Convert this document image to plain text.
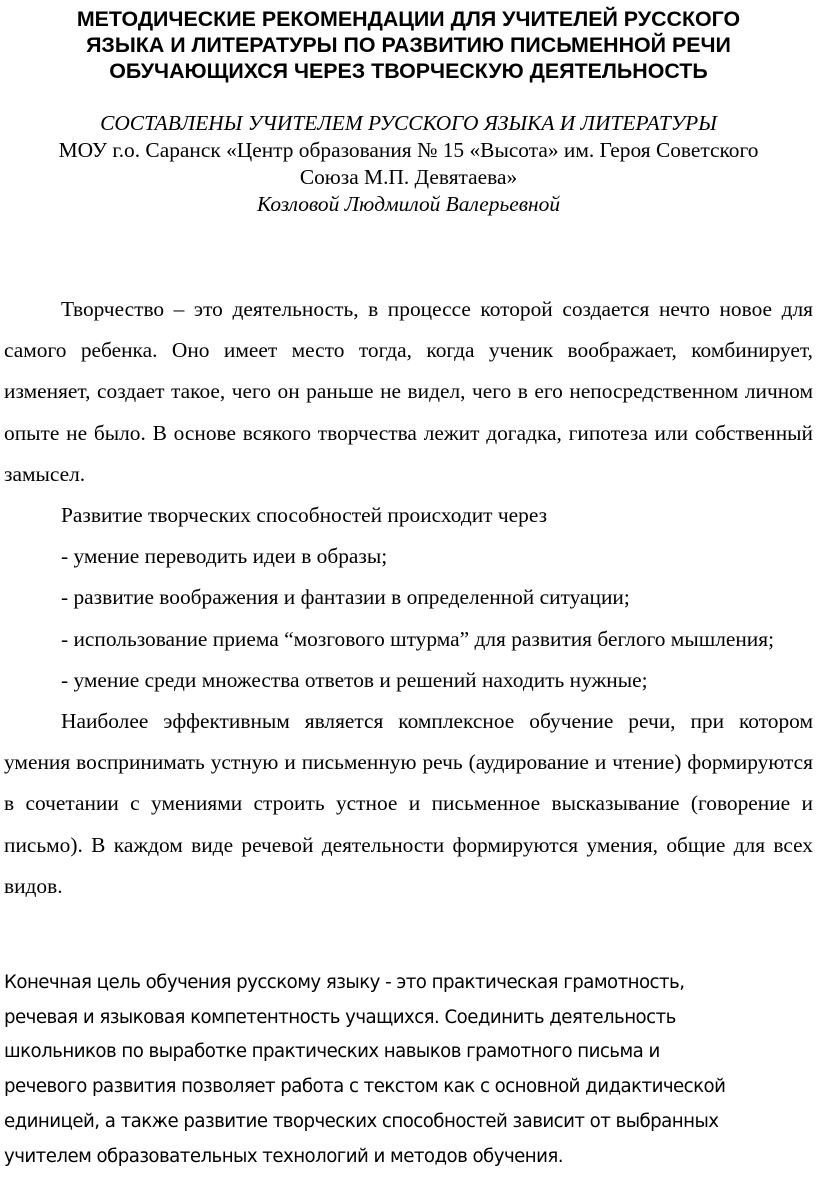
МЕТОДИЧЕСКИЕ РЕКОМЕНДАЦИИ ДЛЯ УЧИТЕЛЕЙ РУССКОГО
ЯЗЫКА И ЛИТЕРАТУРЫ ПО РАЗВИТИЮ ПИСЬМЕННОЙ РЕЧИ
ОБУЧАЮЩИХСЯ ЧЕРЕЗ ТВОРЧЕСКУЮ ДЕЯТЕЛЬНОСТЬ
СОСТАВЛЕНЫ УЧИТЕЛЕМ РУССКОГО ЯЗЫКА И ЛИТЕРАТУРЫ
МОУ г.о. Саранск «Центр образования № 15 «Высота» им. Героя Советского
Союза М.П. Девятаева»
Козловой Людмилой Валерьевной

Творчество – это деятельность, в процессе которой создается нечто новое для самого ребенка. Оно имеет место тогда, когда ученик воображает, комбинирует, изменяет, создает такое, чего он раньше не видел, чего в его непосредственном личном опыте не было. В основе всякого творчества лежит догадка, гипотеза или собственный замысел.

Развитие творческих способностей происходит через

- умение переводить идеи в образы;

- развитие воображения и фантазии в определенной ситуации;

- использование приема “мозгового штурма” для развития беглого мышления;

- умение среди множества ответов и решений находить нужные;

Наиболее эффективным является комплексное обучение речи, при котором умения воспринимать устную и письменную речь (аудирование и чтение) формируются в сочетании с умениями строить устное и письменное высказывание (говорение и письмо). В каждом виде речевой деятельности формируются умения, общие для всех видов.

Конечная цель обучения русскому языку - это практическая грамотность,
речевая и языковая компетентность учащихся. Соединить деятельность
школьников по выработке практических навыков грамотного письма и
речевого развития позволяет работа с текстом как с основной дидактической
единицей, а также развитие творческих способностей зависит от выбранных
учителем образовательных технологий и методов обучения.
